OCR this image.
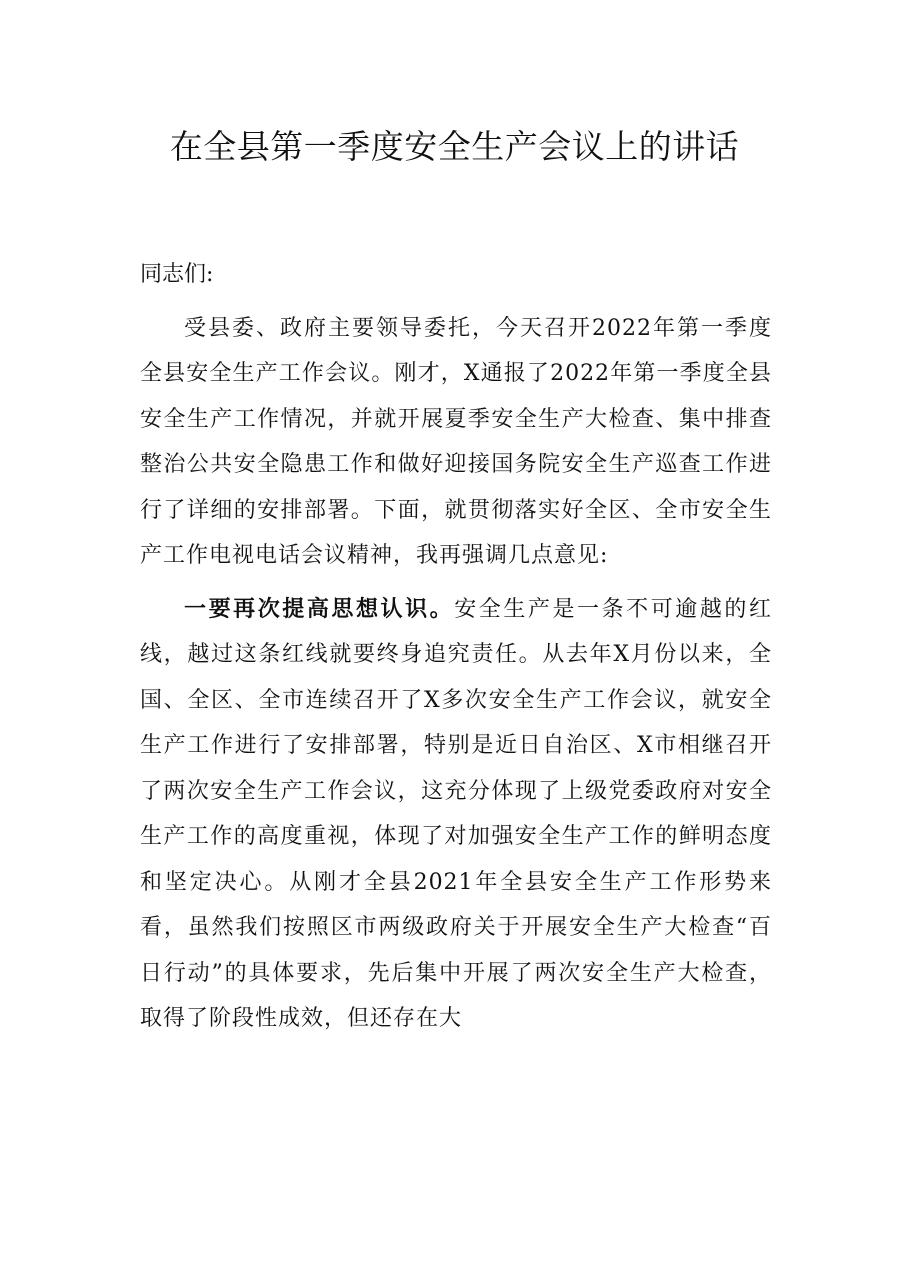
在全县第一季度安全生产会议上的讲话

同志们:

受县委、政府主要领导委托，今天召开2022年第一季度全县安全生产工作会议。刚才，X通报了2022年第一季度全县安全生产工作情况，并就开展夏季安全生产大检查、集中排查整治公共安全隐患工作和做好迎接国务院安全生产巡查工作进行了详细的安排部署。下面，就贯彻落实好全区、全市安全生产工作电视电话会议精神，我再强调几点意见:

一要再次提高思想认识。安全生产是一条不可逾越的红线，越过这条红线就要终身追究责任。从去年X月份以来，全国、全区、全市连续召开了X多次安全生产工作会议，就安全生产工作进行了安排部署，特别是近日自治区、X市相继召开了两次安全生产工作会议，这充分体现了上级党委政府对安全生产工作的高度重视，体现了对加强安全生产工作的鲜明态度和坚定决心。从刚才全县2021年全县安全生产工作形势来看，虽然我们按照区市两级政府关于开展安全生产大检查“百日行动”的具体要求，先后集中开展了两次安全生产大检查，取得了阶段性成效，但还存在大
